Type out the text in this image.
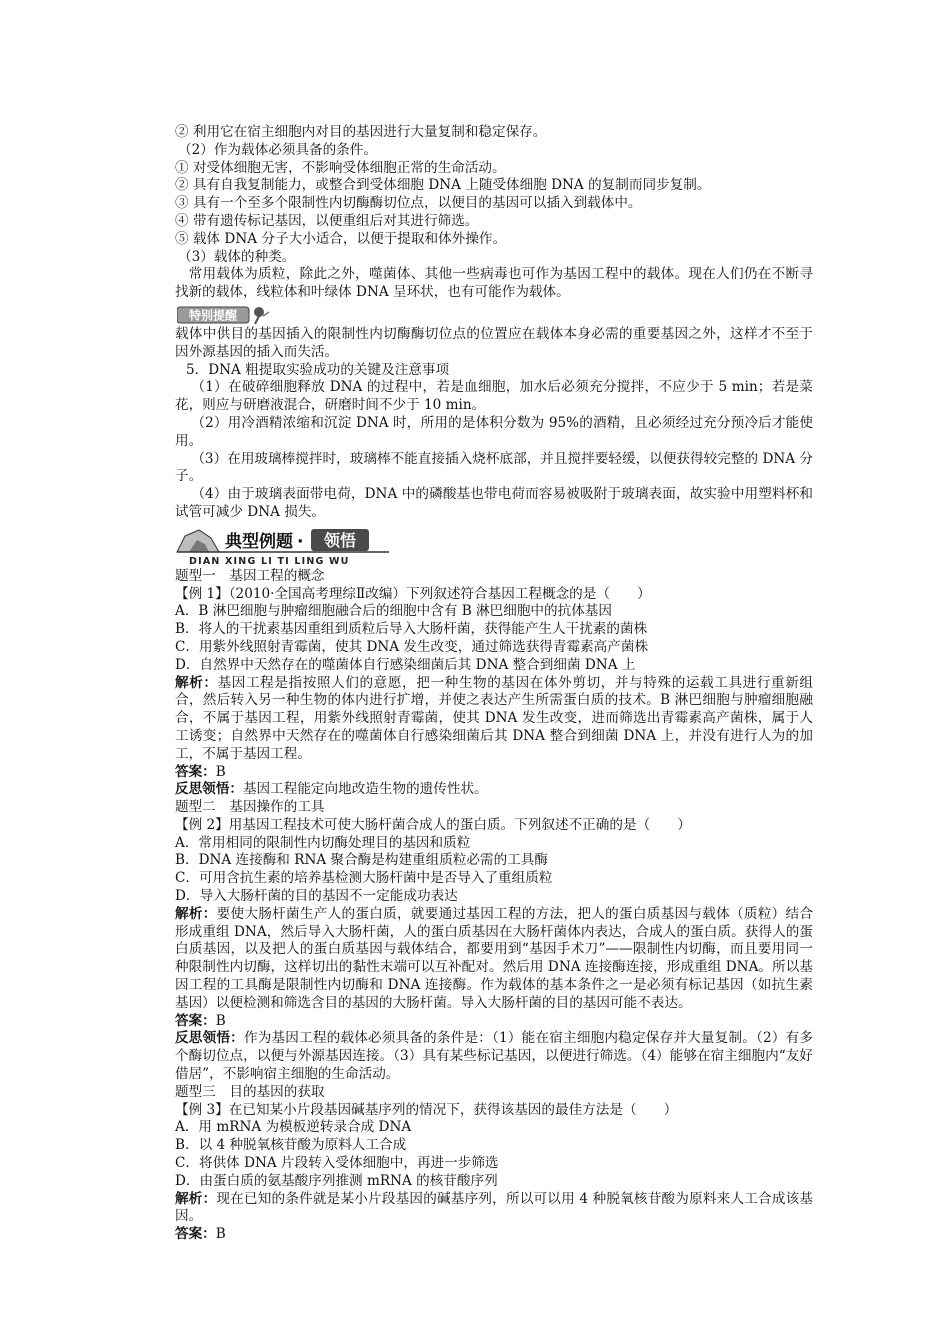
② 利用它在宿主细胞内对目的基因进行大量复制和稳定保存。
（2）作为载体必须具备的条件。
① 对受体细胞无害，不影响受体细胞正常的生命活动。
② 具有自我复制能力，或整合到受体细胞 DNA 上随受体细胞 DNA 的复制而同步复制。
③ 具有一个至多个限制性内切酶酶切位点，以便目的基因可以插入到载体中。
④ 带有遗传标记基因，以便重组后对其进行筛选。
⑤ 载体 DNA 分子大小适合，以便于提取和体外操作。
（3）载体的种类。
常用载体为质粒，除此之外，噬菌体、其他一些病毒也可作为基因工程中的载体。现在人们仍在不断寻找新的载体，线粒体和叶绿体 DNA 呈环状，也有可能作为载体。
特别提醒
载体中供目的基因插入的限制性内切酶酶切位点的位置应在载体本身必需的重要基因之外，这样才不至于因外源基因的插入而失活。
5．DNA 粗提取实验成功的关键及注意事项
（1）在破碎细胞释放 DNA 的过程中，若是血细胞，加水后必须充分搅拌，不应少于 5 min；若是菜花，则应与研磨液混合，研磨时间不少于 10 min。
（2）用冷酒精浓缩和沉淀 DNA 时，所用的是体积分数为 95%的酒精，且必须经过充分预冷后才能使用。
（3）在用玻璃棒搅拌时，玻璃棒不能直接插入烧杯底部，并且搅拌要轻缓，以便获得较完整的 DNA 分子。
（4）由于玻璃表面带电荷，DNA 中的磷酸基也带电荷而容易被吸附于玻璃表面，故实验中用塑料杯和试管可减少 DNA 损失。
典型例题 · 领悟
DIAN XING LI TI LING WU
题型一　基因工程的概念
【例 1】（2010·全国高考理综Ⅱ改编）下列叙述符合基因工程概念的是（　　）
A．B 淋巴细胞与肿瘤细胞融合后的细胞中含有 B 淋巴细胞中的抗体基因
B．将人的干扰素基因重组到质粒后导入大肠杆菌，获得能产生人干扰素的菌株
C．用紫外线照射青霉菌，使其 DNA 发生改变，通过筛选获得青霉素高产菌株
D．自然界中天然存在的噬菌体自行感染细菌后其 DNA 整合到细菌 DNA 上
解析：基因工程是指按照人们的意愿，把一种生物的基因在体外剪切，并与特殊的运载工具进行重新组合，然后转入另一种生物的体内进行扩增，并使之表达产生所需蛋白质的技术。B 淋巴细胞与肿瘤细胞融合，不属于基因工程，用紫外线照射青霉菌，使其 DNA 发生改变，进而筛选出青霉素高产菌株，属于人工诱变；自然界中天然存在的噬菌体自行感染细菌后其 DNA 整合到细菌 DNA 上，并没有进行人为的加工，不属于基因工程。
答案：B
反思领悟：基因工程能定向地改造生物的遗传性状。
题型二　基因操作的工具
【例 2】用基因工程技术可使大肠杆菌合成人的蛋白质。下列叙述不正确的是（　　）
A．常用相同的限制性内切酶处理目的基因和质粒
B．DNA 连接酶和 RNA 聚合酶是构建重组质粒必需的工具酶
C．可用含抗生素的培养基检测大肠杆菌中是否导入了重组质粒
D．导入大肠杆菌的目的基因不一定能成功表达
解析：要使大肠杆菌生产人的蛋白质，就要通过基因工程的方法，把人的蛋白质基因与载体（质粒）结合形成重组 DNA，然后导入大肠杆菌，人的蛋白质基因在大肠杆菌体内表达，合成人的蛋白质。获得人的蛋白质基因，以及把人的蛋白质基因与载体结合，都要用到“基因手术刀”——限制性内切酶，而且要用同一种限制性内切酶，这样切出的黏性末端可以互补配对。然后用 DNA 连接酶连接，形成重组 DNA。所以基因工程的工具酶是限制性内切酶和 DNA 连接酶。作为载体的基本条件之一是必须有标记基因（如抗生素基因）以便检测和筛选含目的基因的大肠杆菌。导入大肠杆菌的目的基因可能不表达。
答案：B
反思领悟：作为基因工程的载体必须具备的条件是：（1）能在宿主细胞内稳定保存并大量复制。（2）有多个酶切位点，以便与外源基因连接。（3）具有某些标记基因，以便进行筛选。（4）能够在宿主细胞内“友好借居”，不影响宿主细胞的生命活动。
题型三　目的基因的获取
【例 3】在已知某小片段基因碱基序列的情况下，获得该基因的最佳方法是（　　）
A．用 mRNA 为模板逆转录合成 DNA
B．以 4 种脱氧核苷酸为原料人工合成
C．将供体 DNA 片段转入受体细胞中，再进一步筛选
D．由蛋白质的氨基酸序列推测 mRNA 的核苷酸序列
解析：现在已知的条件就是某小片段基因的碱基序列，所以可以用 4 种脱氧核苷酸为原料来人工合成该基因。
答案：B
